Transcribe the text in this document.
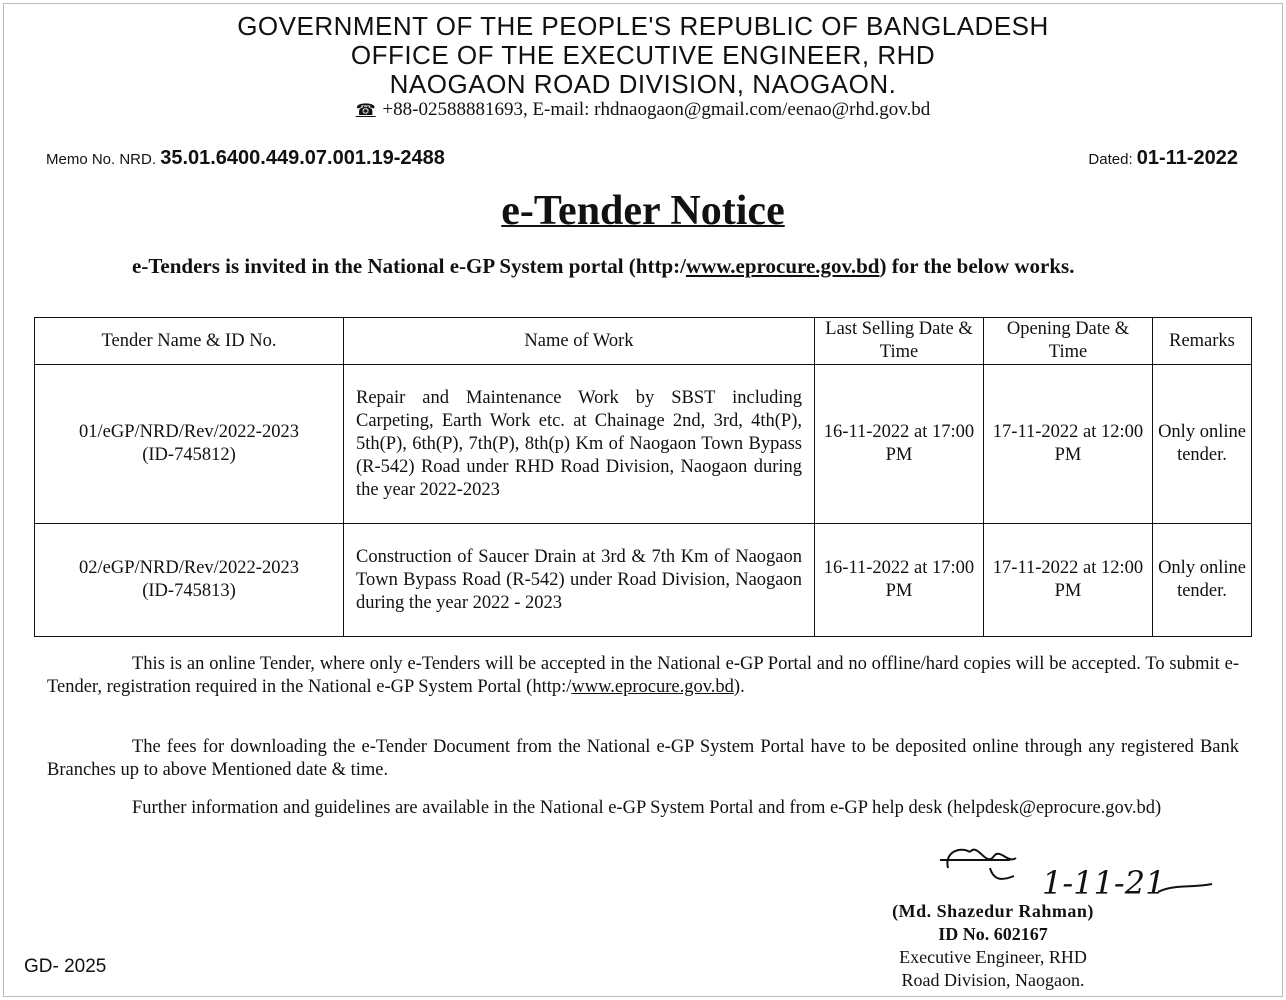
GOVERNMENT OF THE PEOPLE'S REPUBLIC OF BANGLADESH
OFFICE OF THE EXECUTIVE ENGINEER, RHD
NAOGAON ROAD DIVISION, NAOGAON.
☎ +88-02588881693, E-mail: rhdnaogaon@gmail.com/eenao@rhd.gov.bd
Memo No. NRD. 35.01.6400.449.07.001.19-2488	Dated: 01-11-2022
e-Tender Notice
e-Tenders is invited in the National e-GP System portal (http:/www.eprocure.gov.bd) for the below works.
Tender Name & ID No.	Name of Work	Last Selling Date & Time	Opening Date & Time	Remarks

01/eGP/NRD/Rev/2022-2023
(ID-745812)	Repair and Maintenance Work by SBST including Carpeting, Earth Work etc. at Chainage 2nd, 3rd, 4th(P), 5th(P), 6th(P), 7th(P), 8th(p) Km of Naogaon Town Bypass (R-542) Road under RHD Road Division, Naogaon during the year 2022-2023	16-11-2022 at 17:00 PM	17-11-2022 at 12:00 PM	Only online tender.

02/eGP/NRD/Rev/2022-2023
(ID-745813)	Construction of Saucer Drain at 3rd & 7th Km of Naogaon Town Bypass Road (R-542) under Road Division, Naogaon during the year 2022 - 2023	16-11-2022 at 17:00 PM	17-11-2022 at 12:00 PM	Only online tender.
This is an online Tender, where only e-Tenders will be accepted in the National e-GP Portal and no offline/hard copies will be accepted. To submit e-Tender, registration required in the National e-GP System Portal (http:/www.eprocure.gov.bd).
The fees for downloading the e-Tender Document from the National e-GP System Portal have to be deposited online through any registered Bank Branches up to above Mentioned date & time.
Further information and guidelines are available in the National e-GP System Portal and from e-GP help desk (helpdesk@eprocure.gov.bd)
1-11-21
(Md. Shazedur Rahman)
ID No. 602167
Executive Engineer, RHD
Road Division, Naogaon.
GD- 2025
